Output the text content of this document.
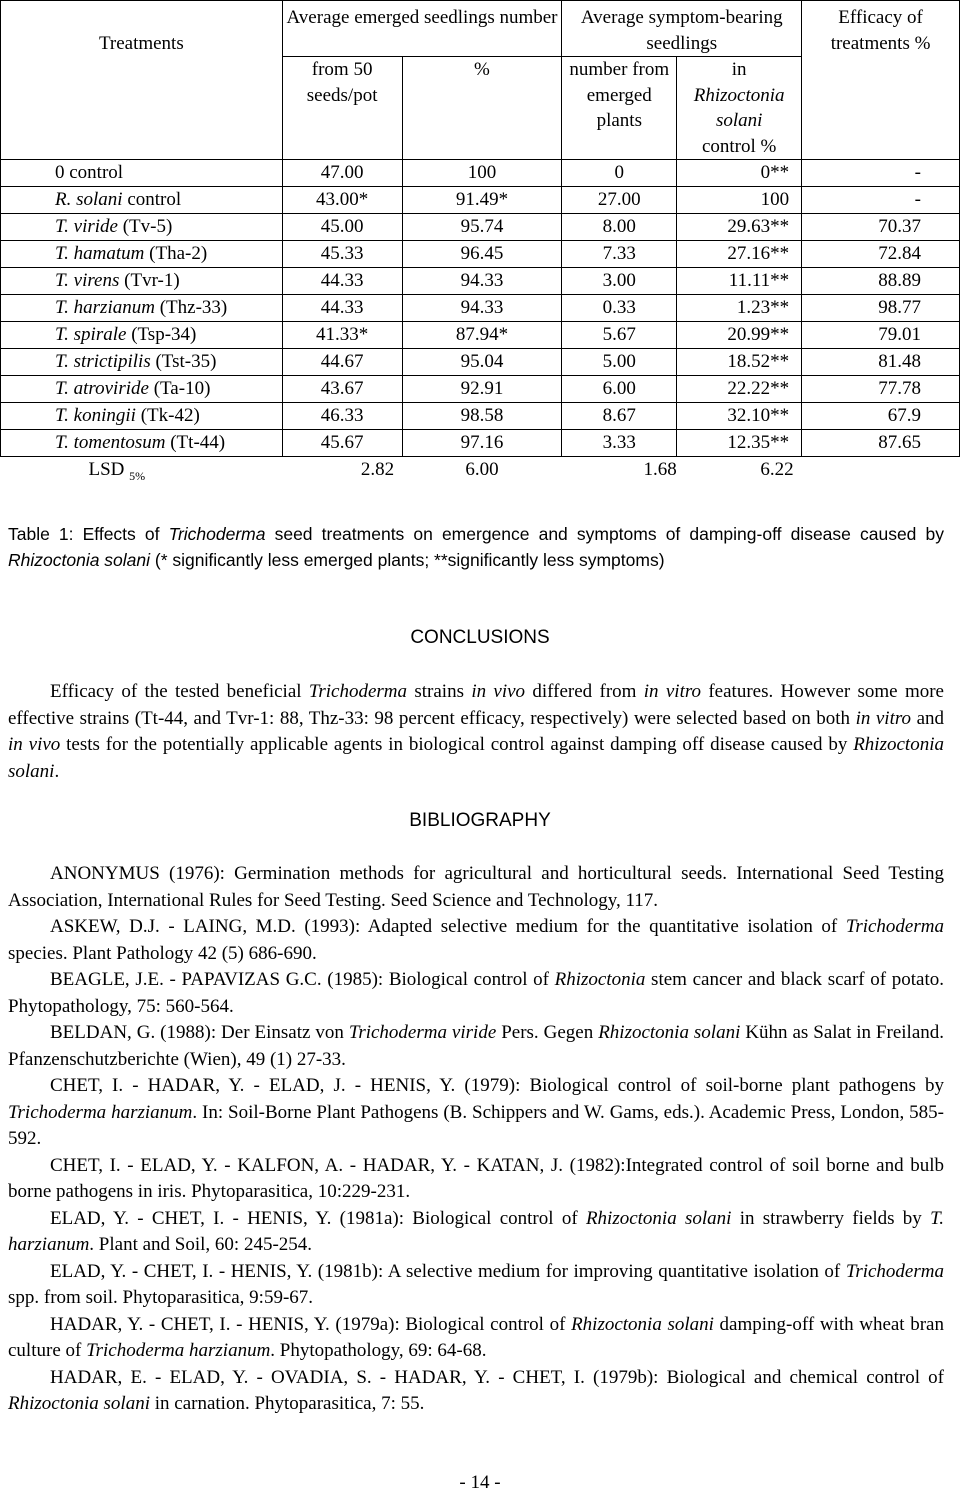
Treatments	Average emerged seedlings number		Average symptom-bearing seedlings		Efficacy of treatments %
	from 50 seeds/pot	%	number from emerged plants	in
Rhizoctonia solani
control %	
0 control	47.00	100	0	0**	-
R. solani control	43.00*	91.49*	27.00	100	-
T. viride (Tv-5)	45.00	95.74	8.00	29.63**	70.37
T. hamatum (Tha-2)	45.33	96.45	7.33	27.16**	72.84
T. virens (Tvr-1)	44.33	94.33	3.00	11.11**	88.89
T. harzianum (Thz-33)	44.33	94.33	0.33	1.23**	98.77
T. spirale (Tsp-34)	41.33*	87.94*	5.67	20.99**	79.01
T. strictipilis (Tst-35)	44.67	95.04	5.00	18.52**	81.48
T. atroviride (Ta-10)	43.67	92.91	6.00	22.22**	77.78
T. koningii (Tk-42)	46.33	98.58	8.67	32.10**	67.9
T. tomentosum (Tt-44)	45.67	97.16	3.33	12.35**	87.65
LSD $_{5\%}$	2.82	6.00	1.68	6.22	
Table 1: Effects of Trichoderma seed treatments on emergence and symptoms of damping-off disease caused by Rhizoctonia solani (* significantly less emerged plants; **significantly less symptoms)
CONCLUSIONS
Efficacy of the tested beneficial Trichoderma strains in vivo differed from in vitro features. However some more effective strains (Tt-44, and Tvr-1: 88, Thz-33: 98 percent efficacy, respectively) were selected based on both in vitro and in vivo tests for the potentially applicable agents in biological control against damping off disease caused by Rhizoctonia solani.
BIBLIOGRAPHY

ANONYMUS (1976): Germination methods for agricultural and horticultural seeds. International Seed Testing Association, International Rules for Seed Testing. Seed Science and Technology, 117.

ASKEW, D.J. - LAING, M.D. (1993): Adapted selective medium for the quantitative isolation of Trichoderma species. Plant Pathology 42 (5) 686-690.

BEAGLE, J.E. - PAPAVIZAS G.C. (1985): Biological control of Rhizoctonia stem cancer and black scarf of potato. Phytopathology, 75: 560-564.

BELDAN, G. (1988): Der Einsatz von Trichoderma viride Pers. Gegen Rhizoctonia solani Kühn as Salat in Freiland. Pfanzenschutzberichte (Wien), 49 (1) 27-33.

CHET, I. - HADAR, Y. - ELAD, J. - HENIS, Y. (1979): Biological control of soil-borne plant pathogens by Trichoderma harzianum. In: Soil-Borne Plant Pathogens (B. Schippers and W. Gams, eds.). Academic Press, London, 585-592.

CHET, I. - ELAD, Y. - KALFON, A. - HADAR, Y. - KATAN, J. (1982):Integrated control of soil borne and bulb borne pathogens in iris. Phytoparasitica, 10:229-231.

ELAD, Y. - CHET, I. - HENIS, Y. (1981a): Biological control of Rhizoctonia solani in strawberry fields by T. harzianum. Plant and Soil, 60: 245-254.

ELAD, Y. - CHET, I. - HENIS, Y. (1981b): A selective medium for improving quantitative isolation of Trichoderma spp. from soil. Phytoparasitica, 9:59-67.

HADAR, Y. - CHET, I. - HENIS, Y. (1979a): Biological control of Rhizoctonia solani damping-off with wheat bran culture of Trichoderma harzianum. Phytopathology, 69: 64-68.

HADAR, E. - ELAD, Y. - OVADIA, S. - HADAR, Y. - CHET, I. (1979b): Biological and chemical control of Rhizoctonia solani in carnation. Phytoparasitica, 7: 55.

- 14 -
